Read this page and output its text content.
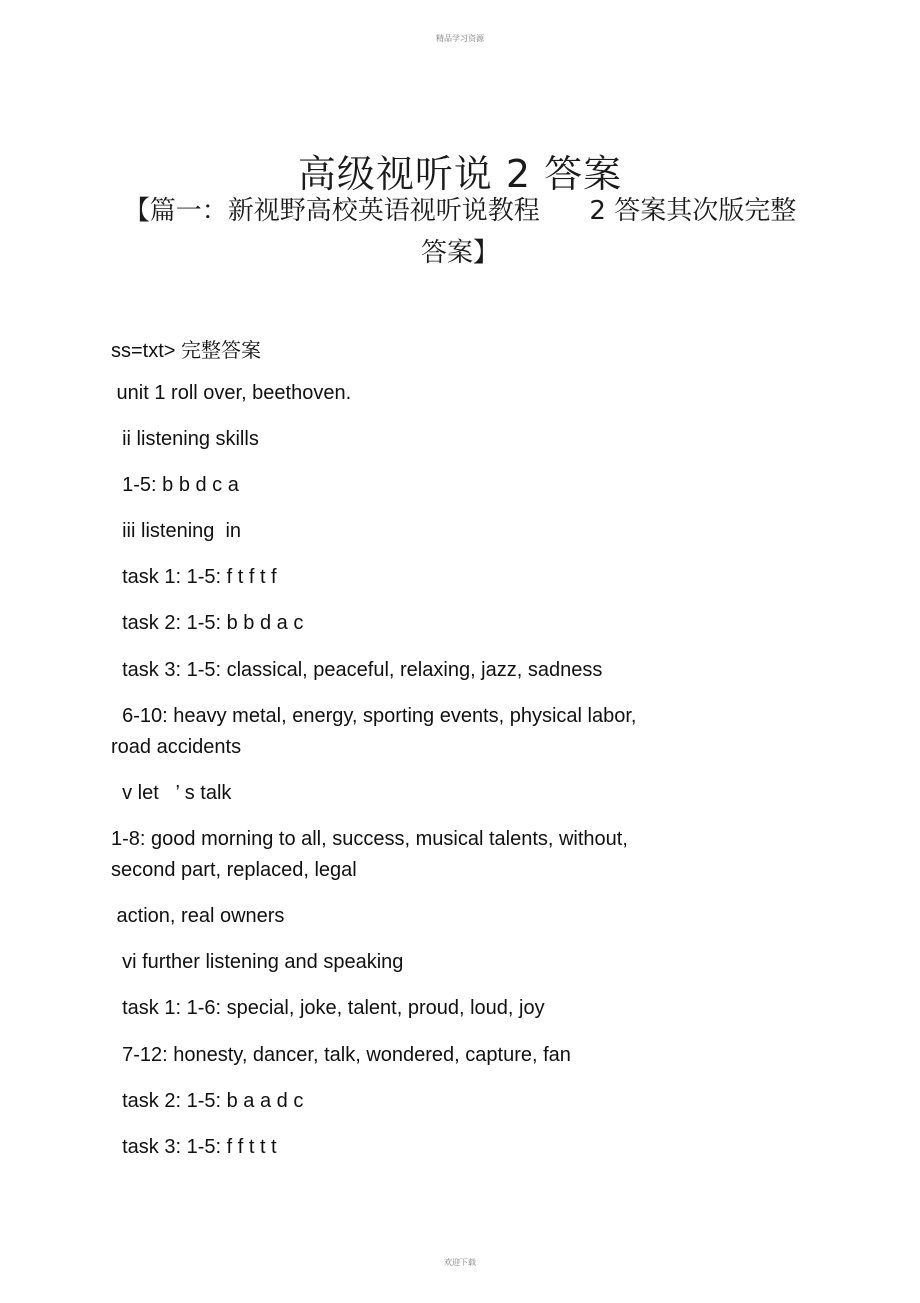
精品学习资源
高级视听说 2 答案
【篇一：新视野高校英语视听说教程      2 答案其次版完整
答案】
ss=txt> 完整答案
unit 1 roll over, beethoven.
ii listening skills
1-5: b b d c a
iii listening  in
task 1: 1-5: f t f t f
task 2: 1-5: b b d a c
task 3: 1-5: classical, peaceful, relaxing, jazz, sadness
6-10: heavy metal, energy, sporting events, physical labor,
road accidents
v let   ’ s talk
1-8: good morning to all, success, musical talents, without,
second part, replaced, legal
action, real owners
vi further listening and speaking
task 1: 1-6: special, joke, talent, proud, loud, joy
7-12: honesty, dancer, talk, wondered, capture, fan
task 2: 1-5: b a a d c
task 3: 1-5: f f t t t
欢迎下载
